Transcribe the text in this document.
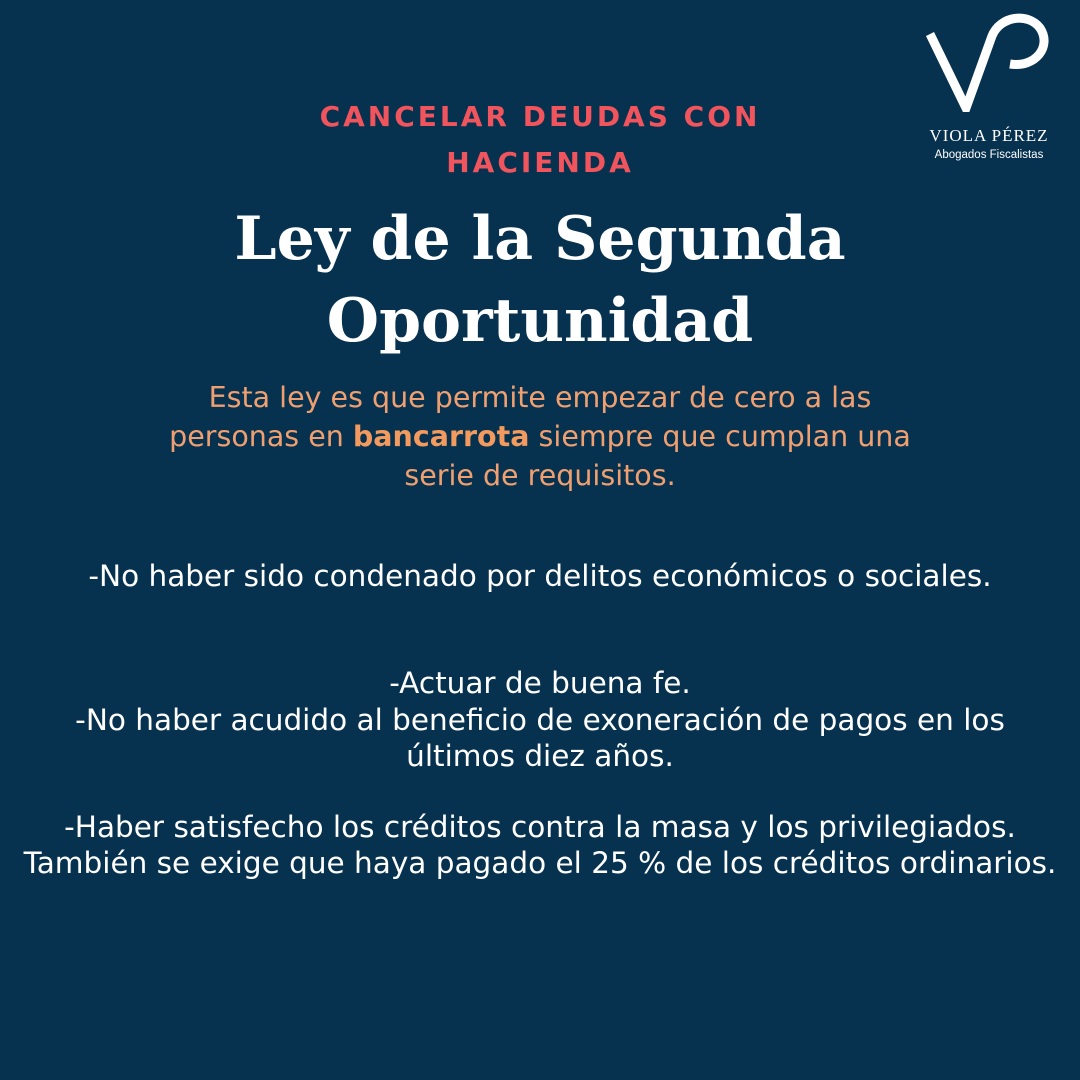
VIOLA PÉREZ
Abogados Fiscalistas
CANCELAR DEUDAS CON HACIENDA
Ley de la Segunda Oportunidad

Esta ley es que permite empezar de cero a las personas en bancarrota siempre que cumplan una serie de requisitos.

-No haber sido condenado por delitos económicos o sociales.

-Actuar de buena fe.

-No haber acudido al beneficio de exoneración de pagos en los últimos diez años.

-Haber satisfecho los créditos contra la masa y los privilegiados. También se exige que haya pagado el 25 % de los créditos ordinarios.
